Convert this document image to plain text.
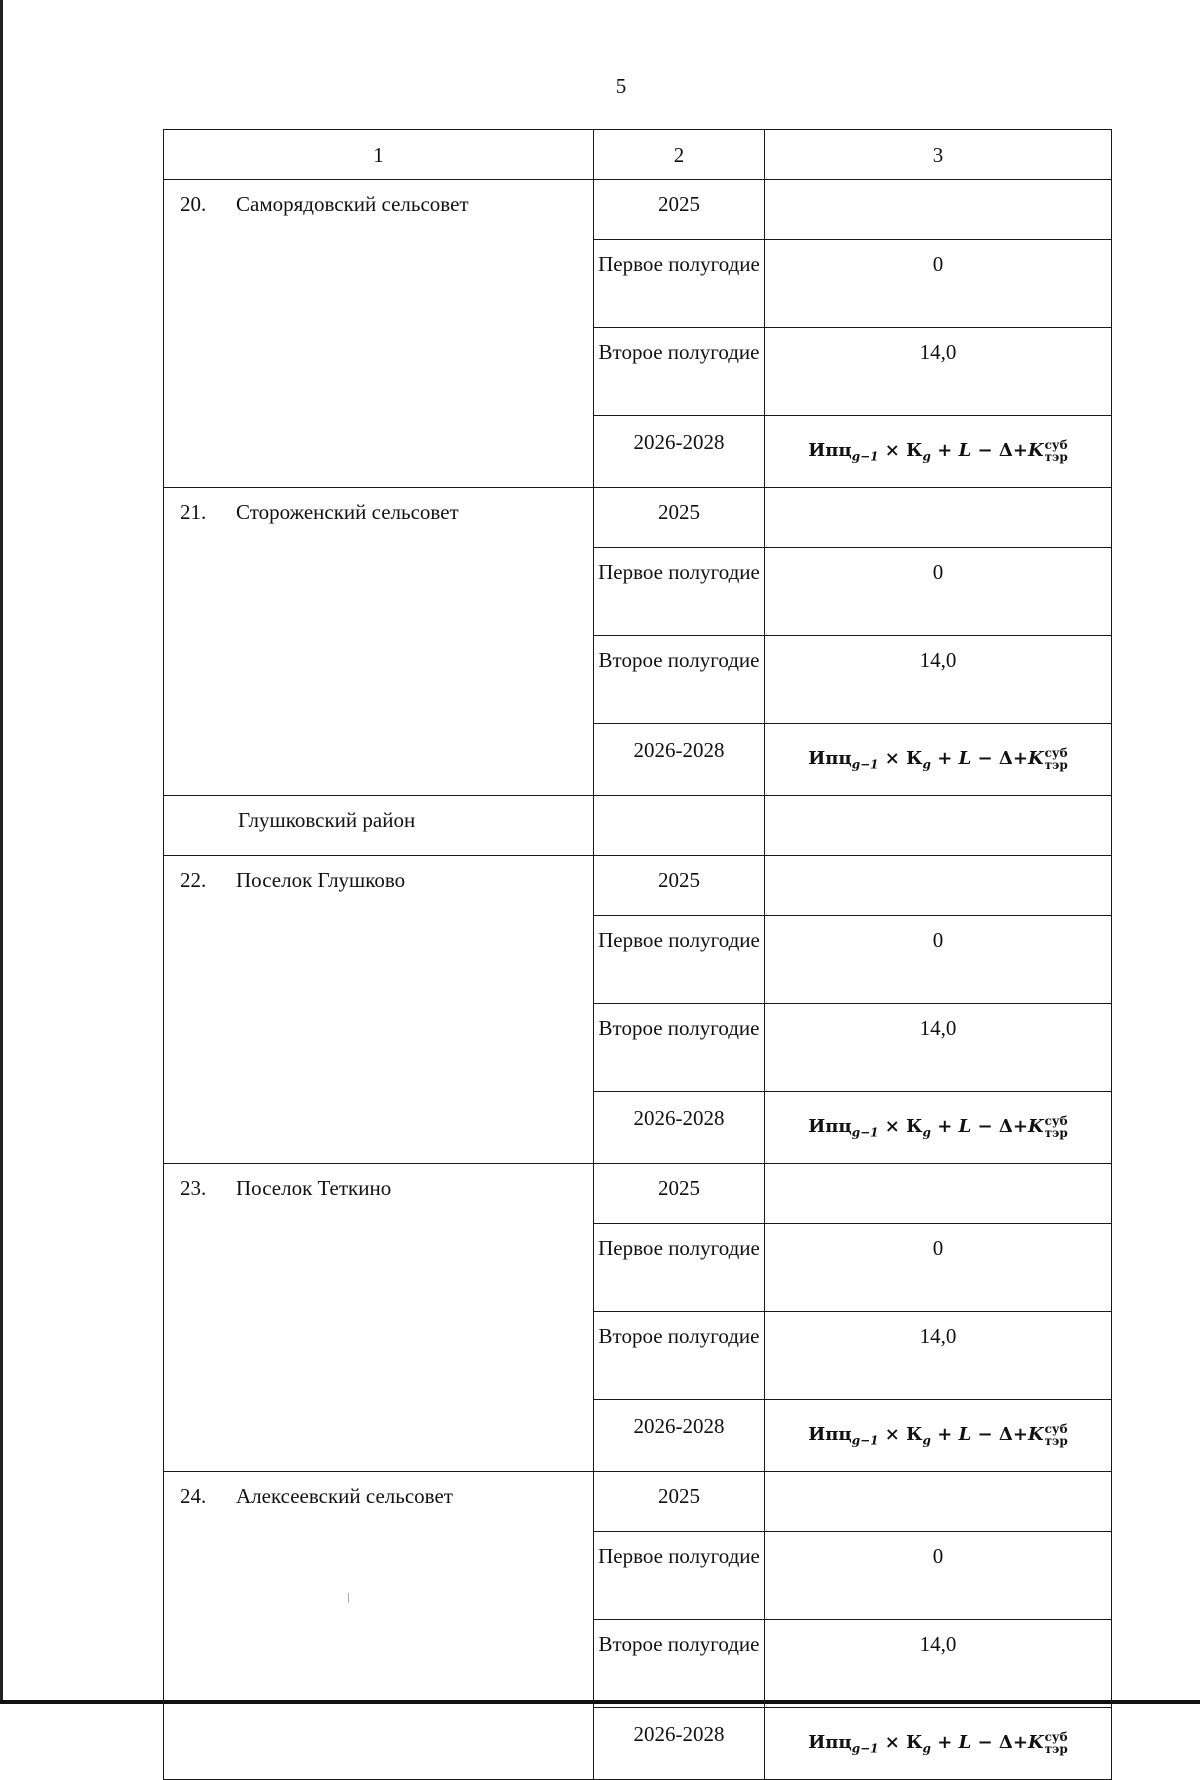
5
1	2	3
20. Саморядовский сельсовет	2025	
	Первое полугодие	0
	Второе полугодие	14,0
	2026-2028	$Ипц_{g-1} \times К_g + L - \Delta+K$ суб
тэр

21. Стороженский сельсовет	2025	
	Первое полугодие	0
	Второе полугодие	14,0
	2026-2028	$Ипц_{g-1} \times К_g + L - \Delta+K$ суб
тэр

Глушковский район		
22. Поселок Глушково	2025	
	Первое полугодие	0
	Второе полугодие	14,0
	2026-2028	$Ипц_{g-1} \times К_g + L - \Delta+K$ суб
тэр

23. Поселок Теткино	2025	
	Первое полугодие	0
	Второе полугодие	14,0
	2026-2028	$Ипц_{g-1} \times К_g + L - \Delta+K$ суб
тэр

24. Алексеевский сельсовет	2025	
	Первое полугодие	0
	Второе полугодие	14,0
	2026-2028	$Ипц_{g-1} \times К_g + L - \Delta+K$ суб
тэр
